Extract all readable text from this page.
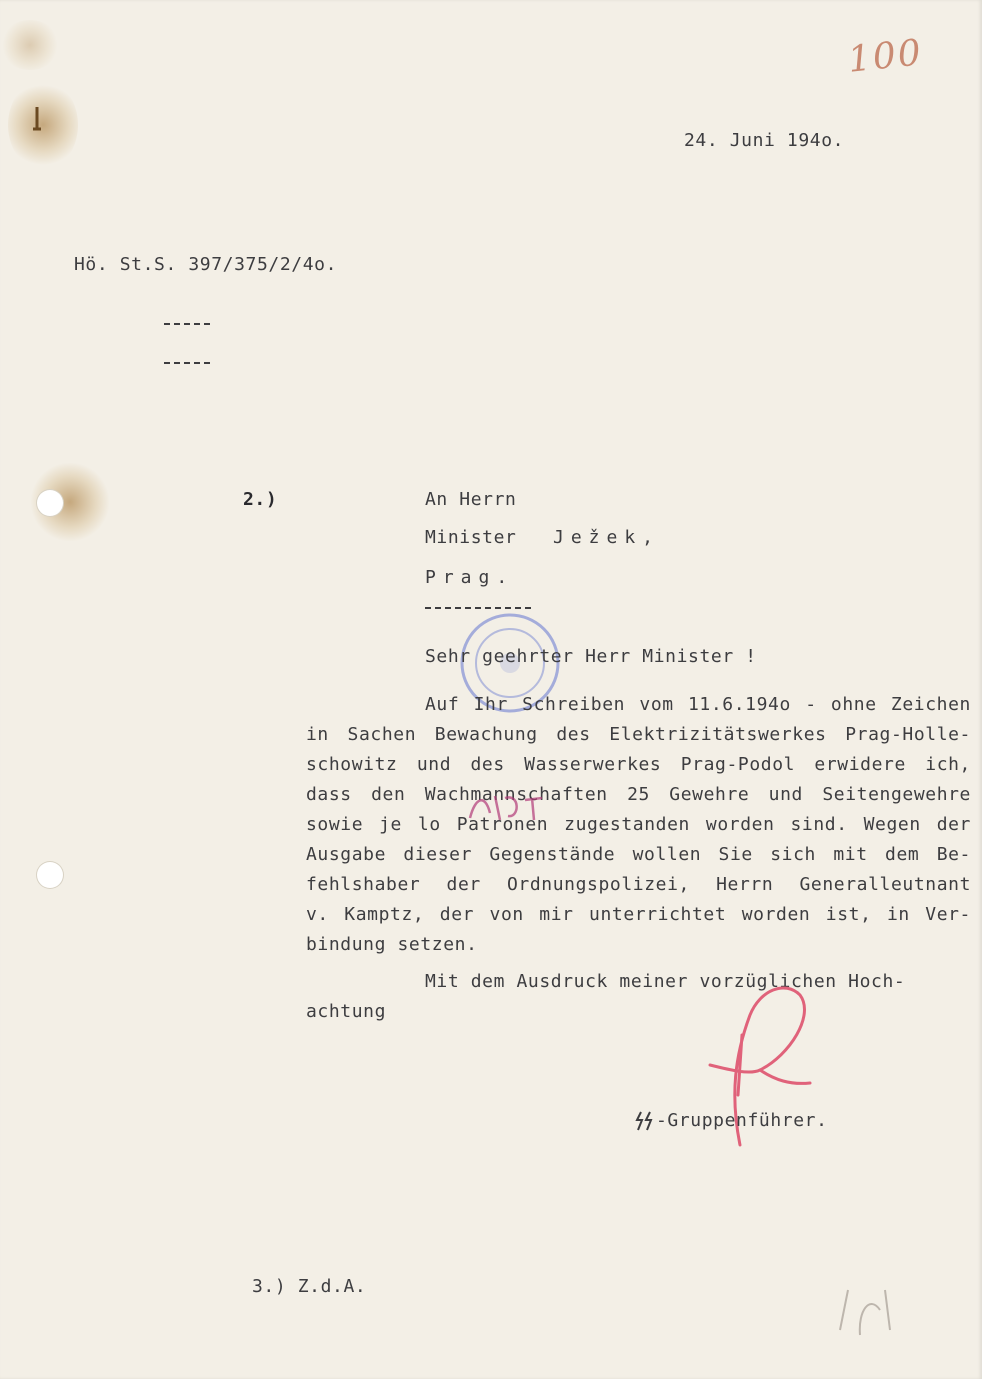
100

24. Juni 194o.

Hö. St.S. 397/375/2/4o.

2.)	An Herrn

Minister Ježek,

Prag.

Sehr geehrter Herr Minister !

Auf Ihr Schreiben vom 11.6.194o - ohne Zeichen

in Sachen Bewachung des Elektrizitätswerkes Prag-Holle-

schowitz und des Wasserwerkes Prag-Podol erwidere ich,

dass den Wachmannschaften 25 Gewehre und Seitengewehre

sowie je lo Patronen zugestanden worden sind. Wegen der

Ausgabe dieser Gegenstände wollen Sie sich mit dem Be-

fehlshaber der Ordnungspolizei, Herrn Generalleutnant

v. Kamptz, der von mir unterrichtet worden ist, in Ver-

bindung setzen.

Mit dem Ausdruck meiner vorzüglichen Hoch-

achtung

-Gruppenführer.

3.) Z.d.A.
